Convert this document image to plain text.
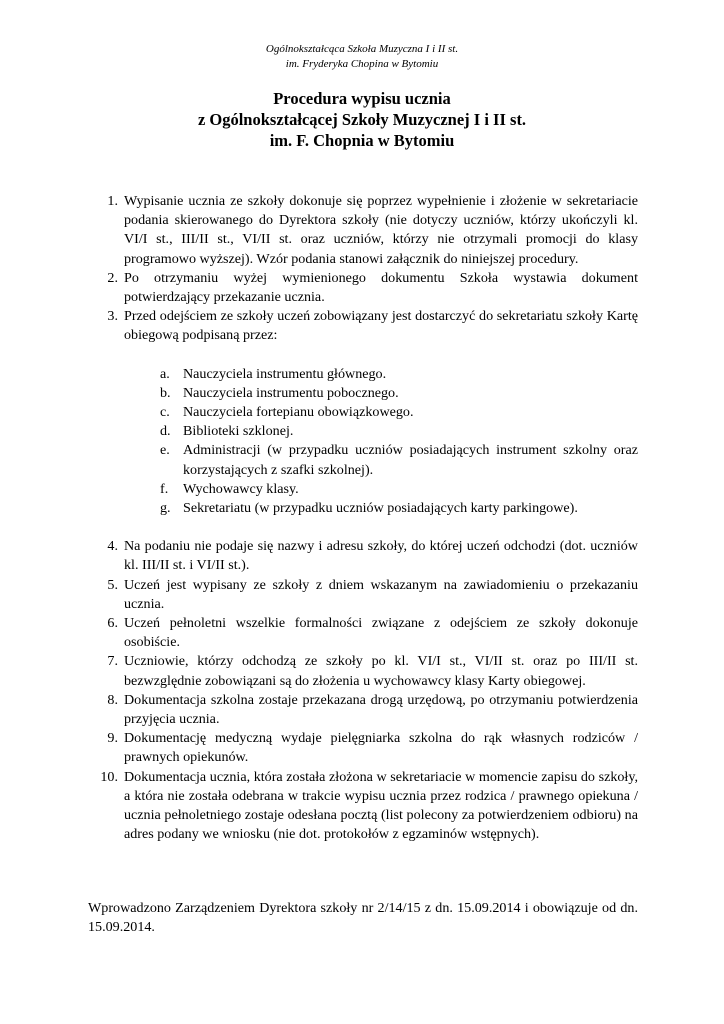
Ogólnokształcąca Szkoła Muzyczna I i II st.
im. Fryderyka Chopina w Bytomiu
Procedura wypisu ucznia
z Ogólnokształcącej Szkoły Muzycznej I i II st.
im. F. Chopnia w Bytomiu
1. Wypisanie ucznia ze szkoły dokonuje się poprzez wypełnienie i złożenie w sekretariacie podania skierowanego do Dyrektora szkoły (nie dotyczy uczniów, którzy ukończyli kl. VI/I st., III/II st., VI/II st. oraz uczniów, którzy nie otrzymali promocji do klasy programowo wyższej). Wzór podania stanowi załącznik do niniejszej procedury.
2. Po otrzymaniu wyżej wymienionego dokumentu Szkoła wystawia dokument potwierdzający przekazanie ucznia.
3. Przed odejściem ze szkoły uczeń zobowiązany jest dostarczyć do sekretariatu szkoły Kartę obiegową podpisaną przez:
a. Nauczyciela instrumentu głównego.
b. Nauczyciela instrumentu pobocznego.
c. Nauczyciela fortepianu obowiązkowego.
d. Biblioteki szklonej.
e. Administracji (w przypadku uczniów posiadających instrument szkolny oraz korzystających z szafki szkolnej).
f. Wychowawcy klasy.
g. Sekretariatu (w przypadku uczniów posiadających karty parkingowe).
4. Na podaniu nie podaje się nazwy i adresu szkoły, do której uczeń odchodzi (dot. uczniów kl. III/II st. i VI/II st.).
5. Uczeń jest wypisany ze szkoły z dniem wskazanym na zawiadomieniu o przekazaniu ucznia.
6. Uczeń pełnoletni wszelkie formalności związane z odejściem ze szkoły dokonuje osobiście.
7. Uczniowie, którzy odchodzą ze szkoły po kl. VI/I st., VI/II st. oraz po III/II st. bezwzględnie zobowiązani są do złożenia u wychowawcy klasy Karty obiegowej.
8. Dokumentacja szkolna zostaje przekazana drogą urzędową, po otrzymaniu potwierdzenia przyjęcia ucznia.
9. Dokumentację medyczną wydaje pielęgniarka szkolna do rąk własnych rodziców / prawnych opiekunów.
10. Dokumentacja ucznia, która została złożona w sekretariacie w momencie zapisu do szkoły, a która nie została odebrana w trakcie wypisu ucznia przez rodzica / prawnego opiekuna / ucznia pełnoletniego zostaje odesłana pocztą (list polecony za potwierdzeniem odbioru) na adres podany we wniosku (nie dot. protokołów z egzaminów wstępnych).
Wprowadzono Zarządzeniem Dyrektora szkoły nr 2/14/15 z dn. 15.09.2014 i obowiązuje od dn. 15.09.2014.
